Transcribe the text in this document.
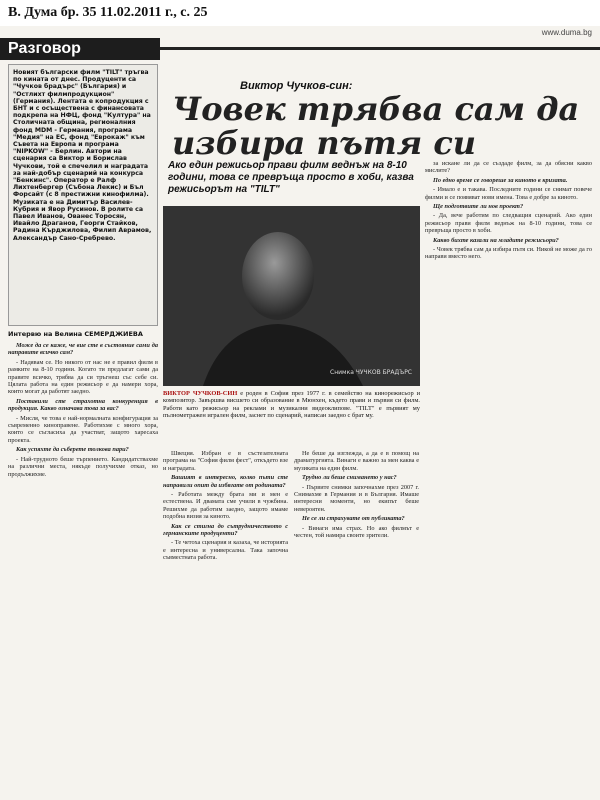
В. Дума бр. 35 11.02.2011 г., с. 25
Разговор
www.duma.bg
Новият български филм "TILT" тръгва по кината от днес. Продуценти са "Чучков брадърс" (България) и "Остлихт филмпродукцион" (Германия). Лентата е копродукция с БНТ и с осъществена с финансовата подкрепа на НФЦ, фонд "Култура" на Столичната община, регионалния фонд MDM - Германия, програма "Медия" на ЕС, фонд "Еврокаж" към Съвета на Европа и програма "NIPKOW" - Берлин. Автори на сценария са Виктор и Борислав Чучкови, той е спечелил и наградата за най-добър сценарий на конкурса "Бенкинс". Оператор е Ралф Лихтенбергер (Събона Лекис) и Бъл Форсайт (с 8 престижни кинофилма). Музиката е на Димитър Василев-Кубрия и Явор Русинов. В ролите са Павел Иванов, Ованес Торосян, Ивайло Драганов, Георги Стайков, Радина Кърджилова, Филип Аврамов, Александър Сано-Сребрево.
Интервю на Велина СЕМЕРДЖИЕВА
Виктор Чучков-син:
Човек трябва сам да избира пътя си
Ако един режисьор прави филм веднъж на 8-10 години, това се превръща просто в хоби, казва режисьорът на "TILT"
Снимка ЧУЧКОВ БРАДЪРС
ВИКТОР ЧУЧКОВ-СИН е роден в София през 1977 г. в семейство на кинорежисьор и композитор. Завършва висшето си образование в Мюнхен, където прави и първия си филм. Работи като режисьор на реклами и музикални видеоклипове. "TILT" е първият му пълнометражен игрален филм, заснет по сценарий, написан заедно с брат му.

Може да се каже, че вие сте в състояние сами да направите всичко сам?

- Надявам се. Но никого от нас не е правил филм в рамките на 8-10 години. Когато ти предлагат сами да правите всичко, трябва да си тръгнеш със себе си. Цялата работа на един режисьор е да намери хора, които могат да работят заедно.

Поставили сте страхотна конкуренция в продукция. Какво означава това за вас?

- Мисля, че това е най-нормалната конфигурация за съвременно киноправене. Работихме с много хора, които се съгласиха да участват, защото харесаха проекта.

Как успяхте да съберете толкова пари?

- Най-трудното беше търпението. Кандидатствахме на различни места, някъде получихме отказ, но продължихме.

Швеция. Избран е в състезателната програма на "София филм фест", откъдето взе и наградата.

Вашият в интересно, колко пъти сте направили опит да избягате от родината?

- Работата между брата ми и мен е естествена. И двамата сме учили в чужбина. Решихме да работим заедно, защото имаме подобна визия за киното.

Как се стигна до сътрудничеството с германските продуценти?

- Те четоха сценария и казаха, че историята е интересна и универсална. Така започна съвместната работа.

Не беше да изглежда, а да е в помощ на драматургията. Винаги е важно за мен каква е музиката на един филм.

Трудно ли беше снимането у нас?

- Първите снимки започнахме през 2007 г. Снимахме в Германия и в България. Имаше интересни моменти, но екипът беше невероятен.

Не се ли страхувате от публиката?

- Винаги има страх. Но ако филмът е честен, той намира своите зрители.

за искане ли да се създаде филм, за да обясни какво мислите?

По едно време се говореше за киното в кризата.

- Имало е и такава. Последните години се снимат повече филми и се появяват нови имена. Това е добре за киното.

Ще подготвите ли нов проект?

- Да, вече работим по следващия сценарий. Ако един режисьор прави филм веднъж на 8-10 години, това се превръща просто в хоби.

Какво бихте казали на младите режисьори?

- Човек трябва сам да избира пътя си. Никой не може да го направи вместо него.
